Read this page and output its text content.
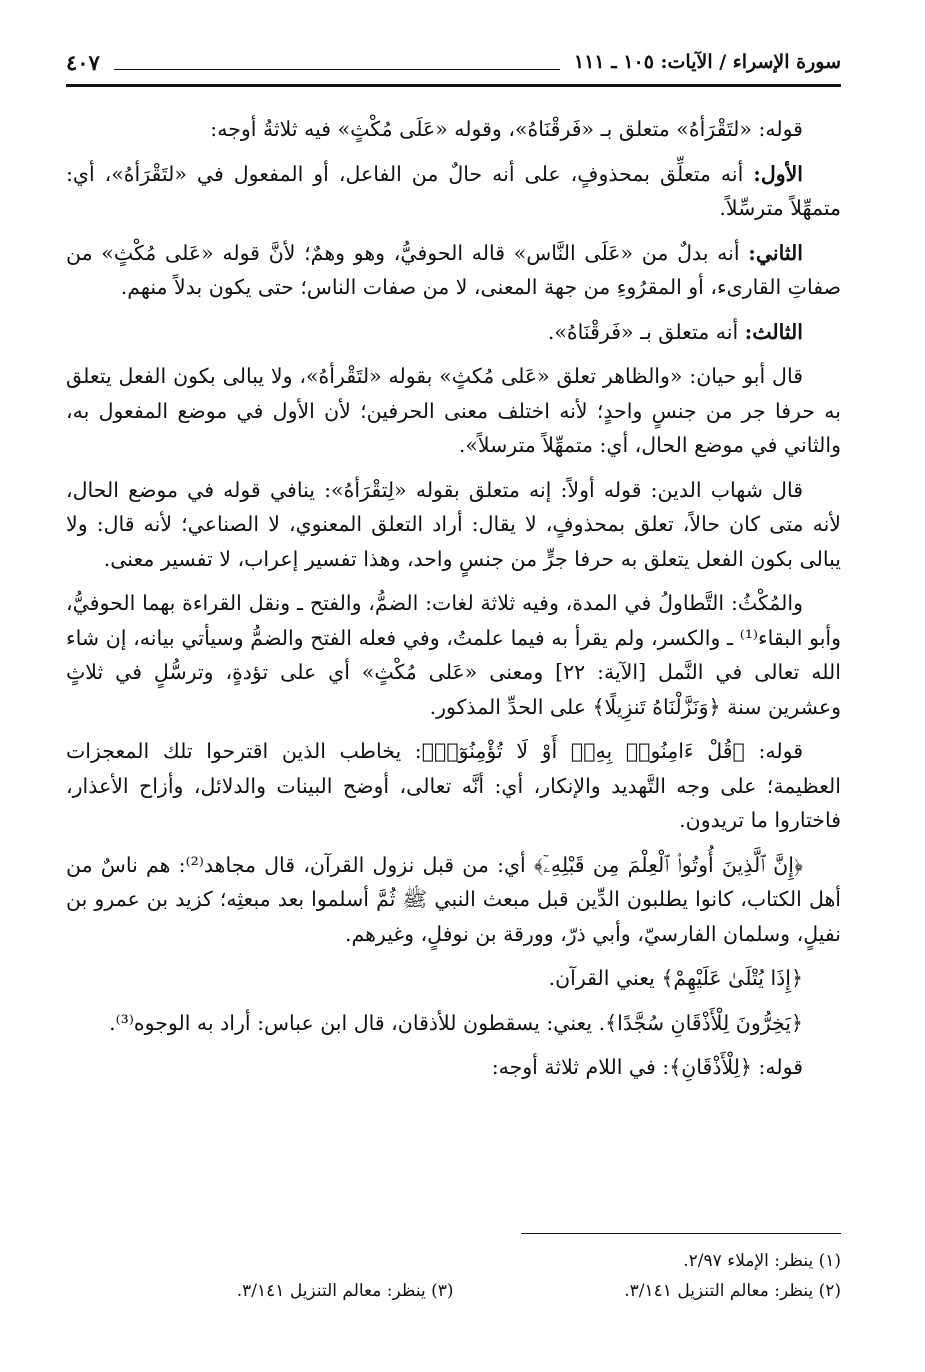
سورة الإسراء / الآيات: ١٠٥ ـ ١١١
٤٠٧

قوله: «لتَقْرَأهُ» متعلق بـ «فَرقْنَاهُ»، وقوله «عَلَى مُكْثٍ» فيه ثلاثةُ أوجه:

الأول: أنه متعلِّق بمحذوفٍ، على أنه حالٌ من الفاعل، أو المفعول في «لتَقْرَأهُ»، أي: متمهِّلاً مترسِّلاً.

الثاني: أنه بدلٌ من «عَلَى النَّاس» قاله الحوفيُّ، وهو وهمٌ؛ لأنَّ قوله «عَلى مُكْثٍ» من صفاتِ القارىء، أو المقرُوءِ من جهة المعنى، لا من صفات الناس؛ حتى يكون بدلاً منهم.

الثالث: أنه متعلق بـ «فَرقْنَاهُ».

قال أبو حيان: «والظاهر تعلق «عَلى مُكثٍ» بقوله «لتَقْرأهُ»، ولا يبالى بكون الفعل يتعلق به حرفا جر من جنسٍ واحدٍ؛ لأنه اختلف معنى الحرفين؛ لأن الأول في موضع المفعول به، والثاني في موضع الحال، أي: متمهِّلاً مترسلاً».

قال شهاب الدين: قوله أولاً: إنه متعلق بقوله «لِتقْرَأهُ»: ينافي قوله في موضع الحال، لأنه متى كان حالاً، تعلق بمحذوفٍ، لا يقال: أراد التعلق المعنوي، لا الصناعي؛ لأنه قال: ولا يبالى بكون الفعل يتعلق به حرفا جرٍّ من جنسٍ واحد، وهذا تفسير إعراب، لا تفسير معنى.

والمُكْثُ: التَّطاولُ في المدة، وفيه ثلاثة لغات: الضمُّ، والفتح ـ ونقل القراءة بهما الحوفيُّ، وأبو البقاء⁽¹⁾ ـ والكسر، ولم يقرأ به فيما علمتُ، وفي فعله الفتح والضمُّ وسيأتي بيانه، إن شاء الله تعالى في النَّمل [الآية: ٢٢] ومعنى «عَلى مُكْثٍ» أي على تؤدةٍ، وترسُّلٍ في ثلاثٍ وعشرين سنة ﴿وَنَزَّلْنَاهُ تَنزِيلًا﴾ على الحدِّ المذكور.

قوله: ﴿قُلْ ءَامِنُوا۟ بِهِۦٓ أَوْ لَا تُؤْمِنُوٓا۟﴾: يخاطب الذين اقترحوا تلك المعجزات العظيمة؛ على وجه التَّهديد والإنكار، أي: أنَّه تعالى، أوضح البينات والدلائل، وأزاح الأعذار، فاختاروا ما تريدون.

﴿إِنَّ ٱلَّذِينَ أُوتُوا۟ ٱلْعِلْمَ مِن قَبْلِهِۦٓ﴾ أي: من قبل نزول القرآن، قال مجاهد⁽²⁾: هم ناسٌ من أهل الكتاب، كانوا يطلبون الدِّين قبل مبعث النبي ﷺ ثُمَّ أسلموا بعد مبعثِه؛ كزيد بن عمرو بن نفيلٍ، وسلمان الفارسيّ، وأبي ذرّ، وورقة بن نوفلٍ، وغيرهم.

﴿إِذَا يُتْلَىٰ عَلَيْهِمْ﴾ يعني القرآن.

﴿يَخِرُّونَ لِلْأَذْقَانِ سُجَّدًا﴾. يعني: يسقطون للأذقان، قال ابن عباس: أراد به الوجوه⁽³⁾.

قوله: ﴿لِلْأَذْقَانِ﴾: في اللام ثلاثة أوجه:

(١) ينظر: الإملاء ٢/٩٧.
(٢) ينظر: معالم التنزيل ٣/١٤١.
(٣) ينظر: معالم التنزيل ٣/١٤١.
